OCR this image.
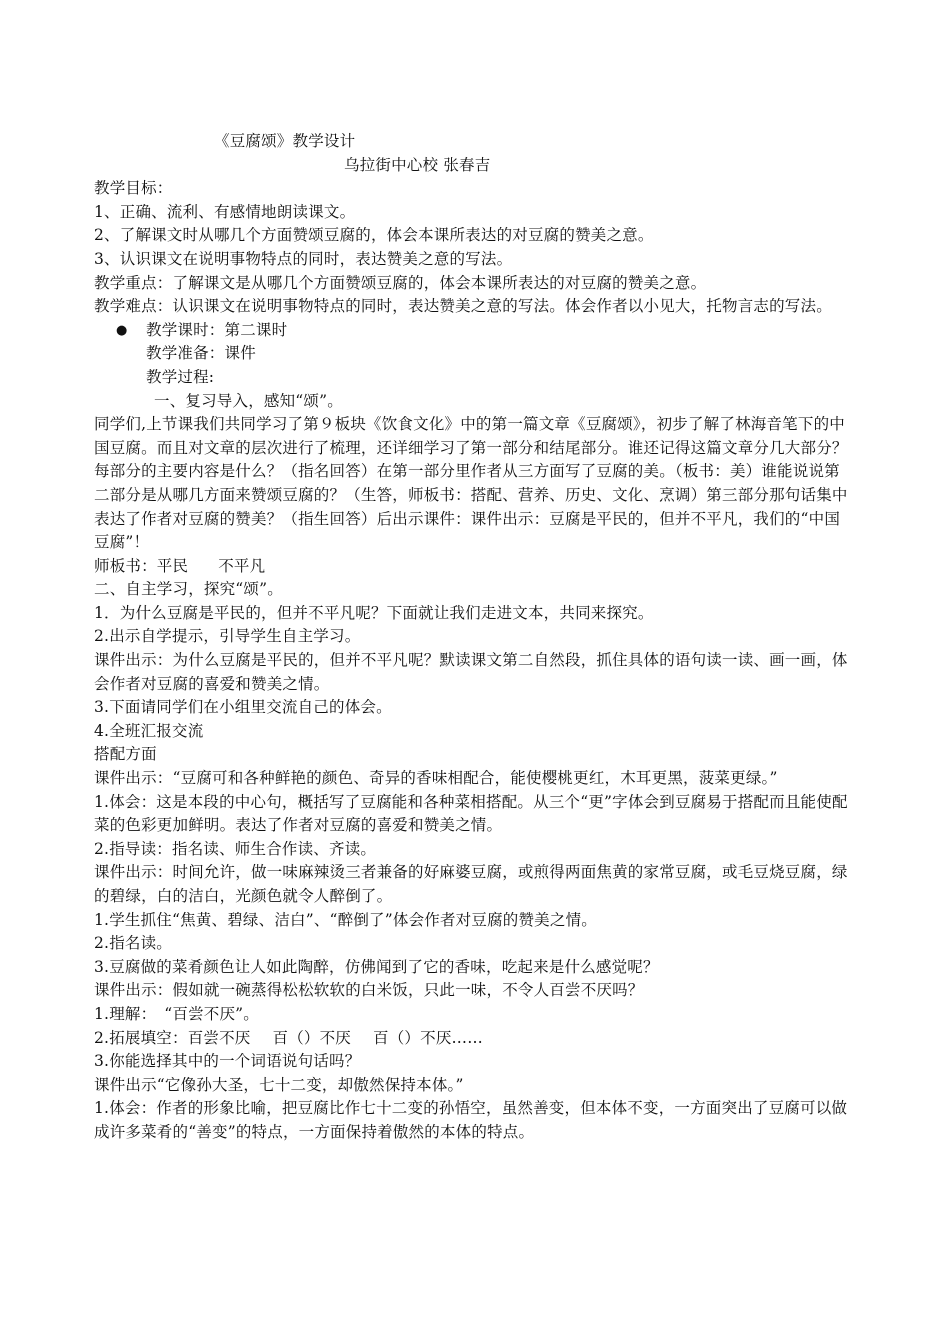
《豆腐颂》教学设计

乌拉街中心校 张春吉

教学目标：

1、正确、流利、有感情地朗读课文。

2、了解课文时从哪几个方面赞颂豆腐的，体会本课所表达的对豆腐的赞美之意。

3、认识课文在说明事物特点的同时，表达赞美之意的写法。

教学重点：了解课文是从哪几个方面赞颂豆腐的，体会本课所表达的对豆腐的赞美之意。

教学难点：认识课文在说明事物特点的同时，表达赞美之意的写法。体会作者以小见大，托物言志的写法。

● 教学课时：第二课时

教学准备：课件

教学过程:

一、复习导入，感知“颂”。

同学们,上节课我们共同学习了第９板块《饮食文化》中的第一篇文章《豆腐颂》，初步了解了林海音笔下的中国豆腐。而且对文章的层次进行了梳理，还详细学习了第一部分和结尾部分。谁还记得这篇文章分几大部分？每部分的主要内容是什么？（指名回答）在第一部分里作者从三方面写了豆腐的美。（板书：美）谁能说说第二部分是从哪几方面来赞颂豆腐的？（生答，师板书：搭配、营养、历史、文化、烹调）第三部分那句话集中表达了作者对豆腐的赞美？（指生回答）后出示课件：课件出示：豆腐是平民的，但并不平凡，我们的“中国豆腐”！

师板书：平民 不平凡

二、自主学习，探究“颂”。

1．为什么豆腐是平民的，但并不平凡呢？下面就让我们走进文本，共同来探究。

2.出示自学提示，引导学生自主学习。

课件出示：为什么豆腐是平民的，但并不平凡呢？默读课文第二自然段，抓住具体的语句读一读、画一画，体会作者对豆腐的喜爱和赞美之情。

3.下面请同学们在小组里交流自己的体会。

4.全班汇报交流

搭配方面

课件出示：“豆腐可和各种鲜艳的颜色、奇异的香味相配合，能使樱桃更红，木耳更黑，菠菜更绿。”

1.体会：这是本段的中心句，概括写了豆腐能和各种菜相搭配。从三个“更”字体会到豆腐易于搭配而且能使配菜的色彩更加鲜明。表达了作者对豆腐的喜爱和赞美之情。

2.指导读：指名读、师生合作读、齐读。

课件出示：时间允许，做一味麻辣烫三者兼备的好麻婆豆腐，或煎得两面焦黄的家常豆腐，或毛豆烧豆腐，绿的碧绿，白的洁白，光颜色就令人醉倒了。

1.学生抓住“焦黄、碧绿、洁白”、“醉倒了”体会作者对豆腐的赞美之情。

2.指名读。

3.豆腐做的菜肴颜色让人如此陶醉，仿佛闻到了它的香味，吃起来是什么感觉呢？

课件出示：假如就一碗蒸得松松软软的白米饭，只此一味，不令人百尝不厌吗？

1.理解：　“百尝不厌”。

2.拓展填空：百尝不厌 百（）不厌 百（）不厌……

3.你能选择其中的一个词语说句话吗？

课件出示“它像孙大圣，七十二变，却傲然保持本体。”

1.体会：作者的形象比喻，把豆腐比作七十二变的孙悟空，虽然善变，但本体不变，一方面突出了豆腐可以做成许多菜肴的“善变”的特点，一方面保持着傲然的本体的特点。
